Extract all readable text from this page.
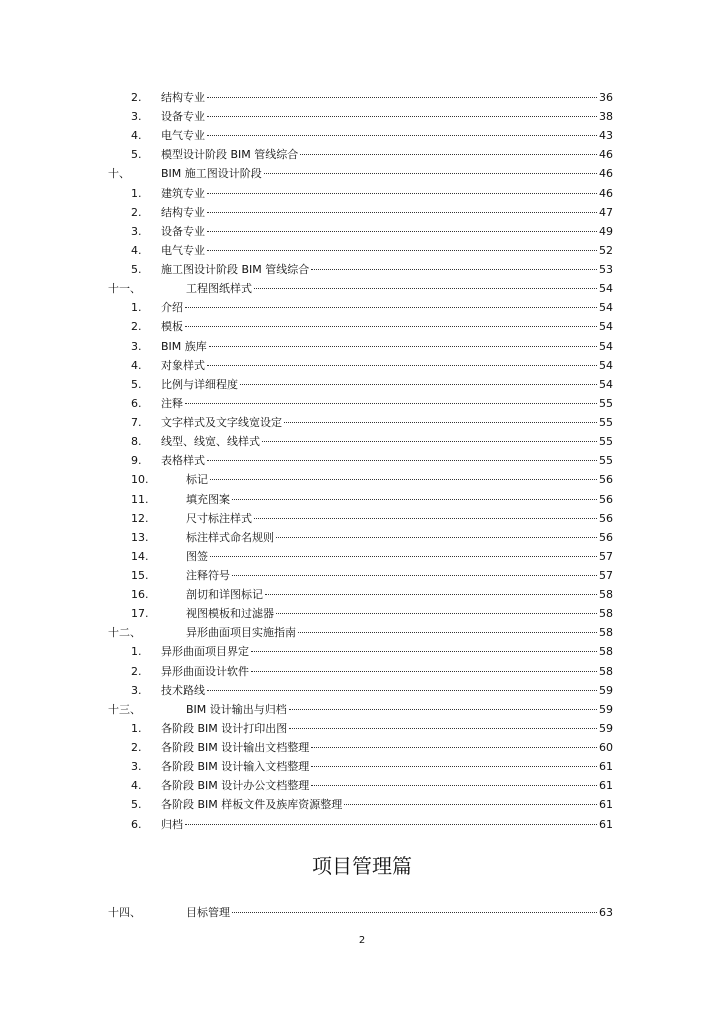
2.	结构专业	36
3.	设备专业	38
4.	电气专业	43
5.	模型设计阶段 BIM 管线综合	46
十、	BIM 施工图设计阶段	46
1.	建筑专业	46
2.	结构专业	47
3.	设备专业	49
4.	电气专业	52
5.	施工图设计阶段 BIM 管线综合	53
十一、	工程图纸样式	54
1.	介绍	54
2.	模板	54
3.	BIM 族库	54
4.	对象样式	54
5.	比例与详细程度	54
6.	注释	55
7.	文字样式及文字线宽设定	55
8.	线型、线宽、线样式	55
9.	表格样式	55
10.	标记	56
11.	填充图案	56
12.	尺寸标注样式	56
13.	标注样式命名规则	56
14.	图签	57
15.	注释符号	57
16.	剖切和详图标记	58
17.	视图模板和过滤器	58
十二、	异形曲面项目实施指南	58
1.	异形曲面项目界定	58
2.	异形曲面设计软件	58
3.	技术路线	59
十三、	BIM 设计输出与归档	59
1.	各阶段 BIM 设计打印出图	59
2.	各阶段 BIM 设计输出文档整理	60
3.	各阶段 BIM 设计输入文档整理	61
4.	各阶段 BIM 设计办公文档整理	61
5.	各阶段 BIM 样板文件及族库资源整理	61
6.	归档	61
项目管理篇
十四、	目标管理	63
2
